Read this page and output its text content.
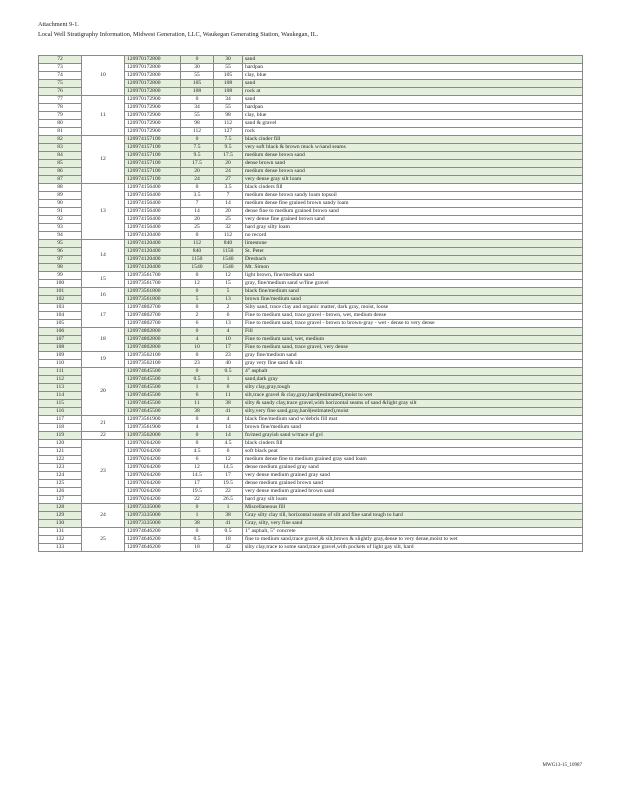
Attachment 9-1.
Local Well Stratigraphy Information, Midwest Generation, LLC, Waukegan Generating Station, Waukegan, IL.
72	10	120970172800	0	30	sand
73		120970172800	30	55	hardpan
74		120970172800	55	105	clay, blue
75		120970172800	105	108	sand
76		120970172800	108	108	rock at
77	11	120970172900	0	34	sand
78		120970172900	34	55	hardpan
79		120970172900	55	98	clay, blue
80		120970172900	98	112	sand & gravel
81		120970172900	112	127	rock
82	12	120974157100	0	7.5	black cinder fill
83		120974157100	7.5	9.5	very soft black & brown muck w/sand seams
84		120974157100	9.5	17.5	medium dense brown sand
85		120974157100	17.5	20	dense brown sand
86		120974157100	20	24	medium dense brown sand
87		120974157100	24	27	very dense gray silt loam
88	13	120974156400	0	3.5	black cinders fill
89		120974156400	3.5	7	medium dense brown sandy loam topsoil
90		120974156400	7	14	medium dense fine grained brown sandy loam
91		120974156400	14	20	dense fine to medium grained brown sand
92		120974156400	20	25	very dense fine grained brown sand
93		120974156400	25	32	hard gray silty loam
94		120974120400	0	112	no record
95	14	120974120400	112	840	limestone
96		120974120400	840	1150	St. Peter
97		120974120400	1150	1540	Dresbach
98		120974120400	1540	1540	Mt. Simon
99	15	120973561700	0	12	light brown, fine/medium sand
100		120973561700	12	15	gray, fine/medium sand w/fine gravel
101	16	120973561800	0	5	black fine/medium sand
102		120973561800	5	13	brown fine/medium sand
103	17	120974802700	0	2	Silty sand, trace clay and organic matter, dark gray, moist, loose
104		120974802700	2	6	Fine to medium sand, trace gravel - brown, wet, medium dense
105		120974802700	6	13	Fine to medium sand, trace gravel - brown to brown-gray - wet - dense to very dense
106	18	120974802800	0	4	Fill
107		120974802800	4	10	Fine to medium sand, wet, medium
108		120974802800	10	17	Fine to medium sand, trace gravel, very dense
109	19	120973562100	0	23	gray fine/medium sand
110		120973562100	23	40	gray very fine sand & silt
111	20	120974645500	0	0.5	4" asphalt
112		120974645500	0.5	1	sand,dark gray
113		120974645500	1	6	silty clay,gray,tough
114		120974645500	6	11	silt,trace gravel & clay,gray,hard(estimated),moist to wet
115		120974645500	11	38	silty & sandy clay,trace gravel,with horizontal seams of sand &light gray silt
116		120974645500	38	41	silty,very fine sand,gray,hard(estimated),moist
117	21	120973561900	0	4	black fine/medium sand w/debris fill mat
118		120973561900	4	14	brown fine/medium sand
119	22	120973562000	0	14	fn/med grayish sand w/trace of gvl
120	23	120970264200	0	4.5	black cinders fill
121		120970264200	4.5	6	soft black peat
122		120970264200	6	12	medium dense fine to medium grained gray sand loam
123		120970264200	12	14.5	dense medium grained gray sand
124		120970264200	14.5	17	very dense medium grained gray sand
125		120970264200	17	19.5	dense medium grained brown sand
126		120970264200	19.5	22	very dense medium grained brown sand
127		120970264200	22	26.5	hard gray silt loam
128	24	120973335000	0	1	Miscellaneous fill
129		120973335000	1	38	Gray silty clay till, horizontal seams of silt and fine sand tough to hard
130		120973335000	38	41	Gray, silty, very fine sand
131	25	120974646200	0	0.5	1" asphalt, 5" concrete
132		120974646200	0.5	18	fine to medium sand,trace gravel,& silt,brown & slightly gray,dense to very dense,moist to wet
133		120974646200	18	42	silty clay,trace to some sand,trace gravel,with pockets of light gay silt, hard
MWG13-15_10987
